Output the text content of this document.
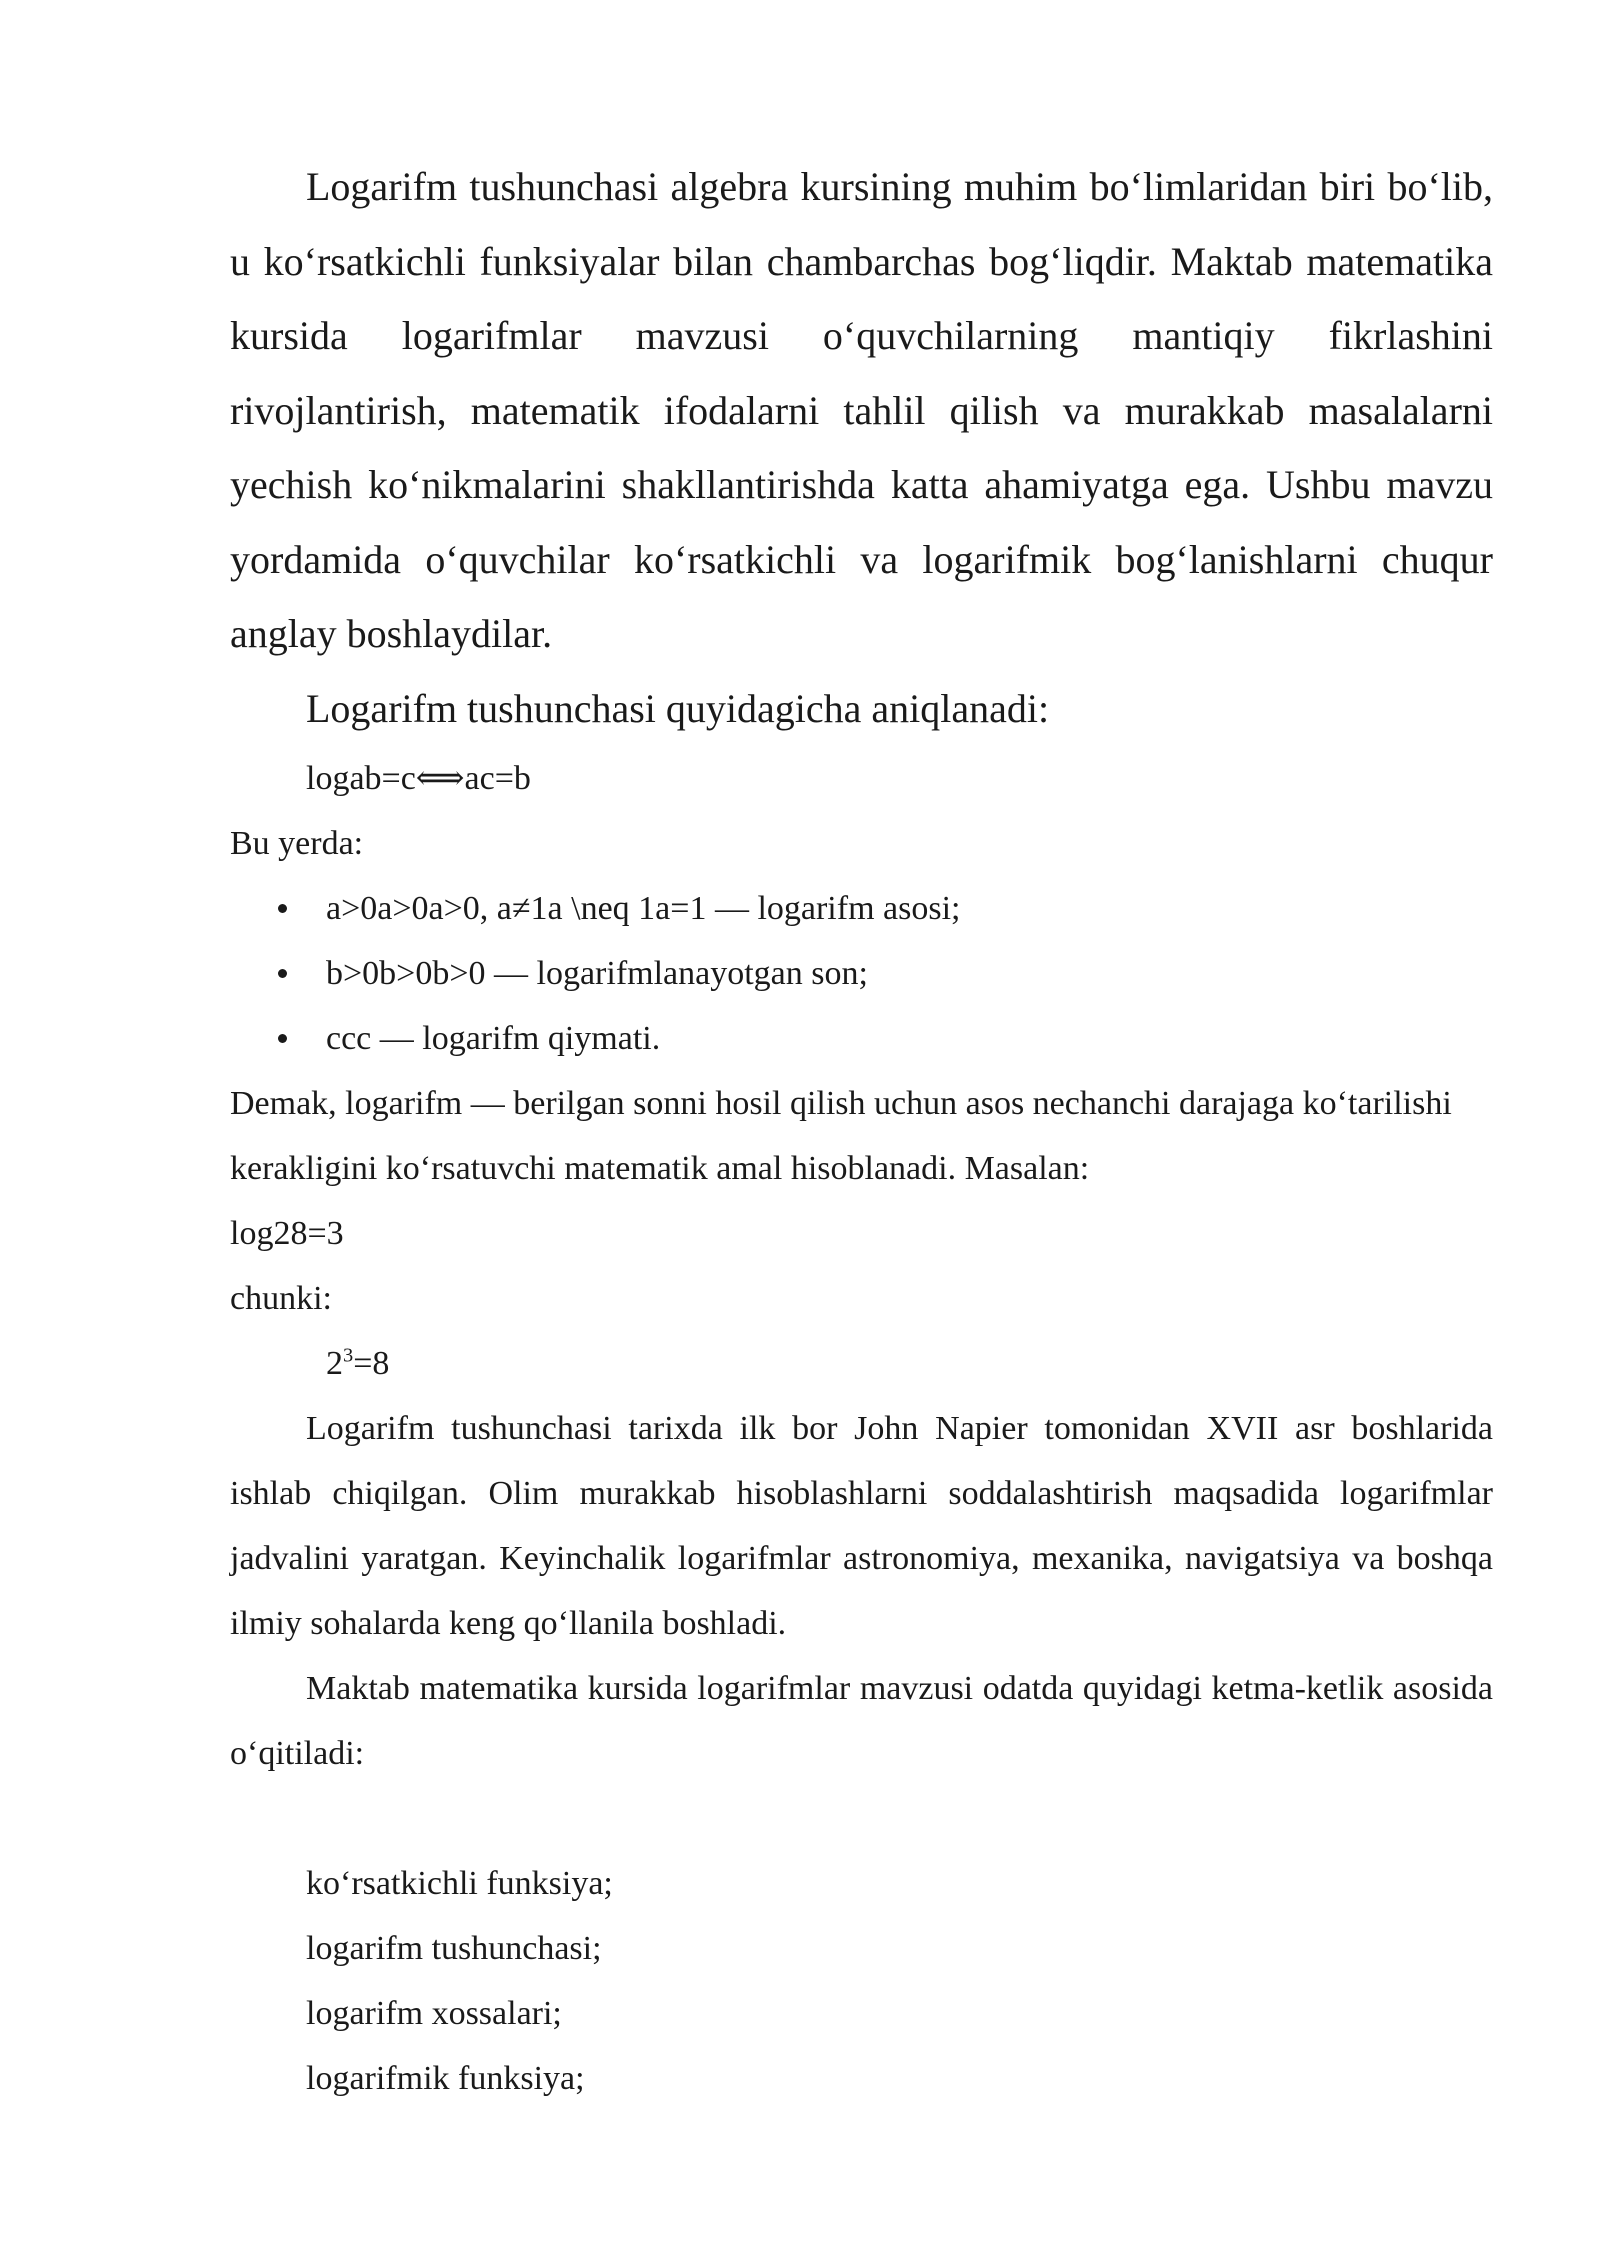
Logarifm tushunchasi algebra kursining muhim bo‘limlaridan biri bo‘lib, u ko‘rsatkichli funksiyalar bilan chambarchas bog‘liqdir. Maktab matematika kursida logarifmlar mavzusi o‘quvchilarning mantiqiy fikrlashini rivojlantirish, matematik ifodalarni tahlil qilish va murakkab masalalarni yechish ko‘nikmalarini shakllantirishda katta ahamiyatga ega. Ushbu mavzu yordamida o‘quvchilar ko‘rsatkichli va logarifmik bog‘lanishlarni chuqur anglay boshlaydilar.

Logarifm tushunchasi quyidagicha aniqlanadi:

logab=c⟺ac=b

Bu yerda:

a>0a>0a>0, a≠1a \neq 1a=1 — logarifm asosi;
b>0b>0b>0 — logarifmlanayotgan son;
ccc — logarifm qiymati.

Demak, logarifm — berilgan sonni hosil qilish uchun asos nechanchi darajaga ko‘tarilishi kerakligini ko‘rsatuvchi matematik amal hisoblanadi. Masalan:

log28=3

chunki:

$2^3=8$

Logarifm tushunchasi tarixda ilk bor John Napier tomonidan XVII asr boshlarida ishlab chiqilgan. Olim murakkab hisoblashlarni soddalashtirish maqsadida logarifmlar jadvalini yaratgan. Keyinchalik logarifmlar astronomiya, mexanika, navigatsiya va boshqa ilmiy sohalarda keng qo‘llanila boshladi.

Maktab matematika kursida logarifmlar mavzusi odatda quyidagi ketma-ketlik asosida o‘qitiladi:

ko‘rsatkichli funksiya;

logarifm tushunchasi;

logarifm xossalari;

logarifmik funksiya;
